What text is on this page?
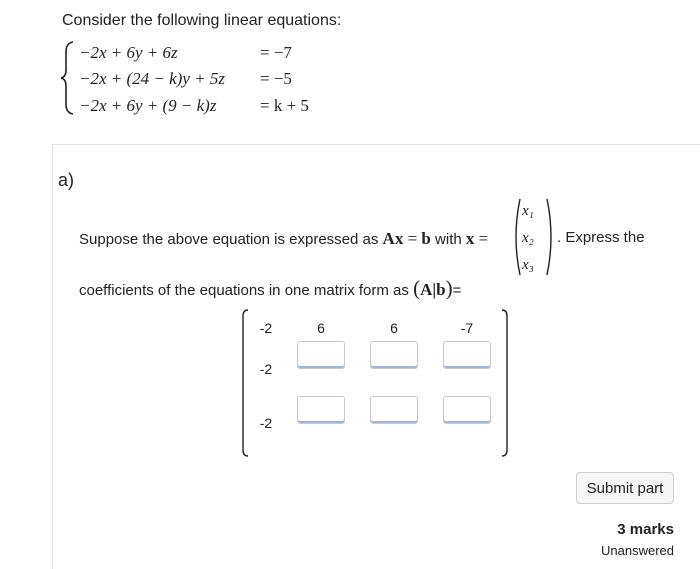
Consider the following linear equations:
−2x + 6y + 6z	= −7
−2x + (24 − k)y + 5z = −5
−2x + 6y + (9 − k)z	= k + 5
a)
Suppose the above equation is expressed as Ax = b with x =
x₁
x₂
x₃
. Express the
coefficients of the equations in one matrix form as (A|b)=
-2	6	6	-7
-2
-2
Submit part
3 marks
Unanswered
